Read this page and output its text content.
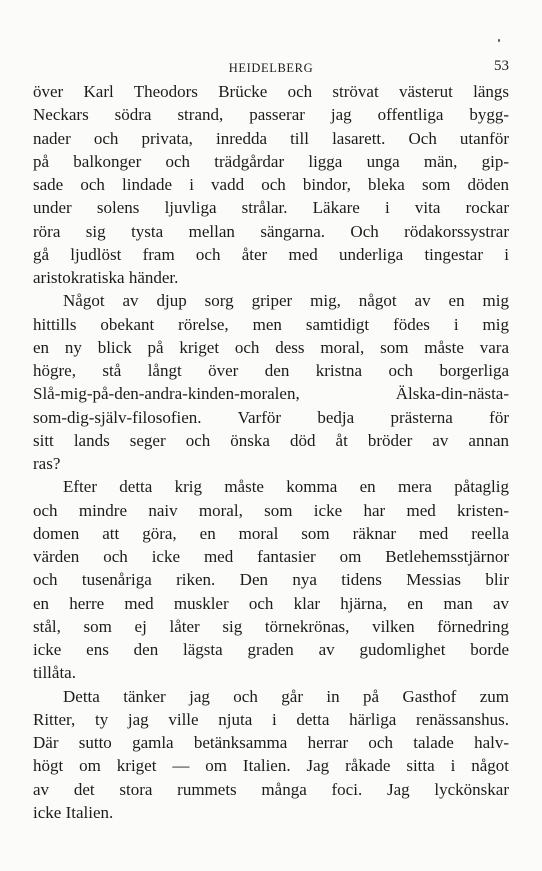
HEIDELBERG	53
över Karl Theodors Brücke och strövat västerut längs
Neckars södra strand, passerar jag offentliga bygg-
nader och privata, inredda till lasarett. Och utanför
på balkonger och trädgårdar ligga unga män, gip-
sade och lindade i vadd och bindor, bleka som döden
under solens ljuvliga strålar. Läkare i vita rockar
röra sig tysta mellan sängarna. Och rödakorssystrar
gå ljudlöst fram och åter med underliga tingestar i
aristokratiska händer.
Något av djup sorg griper mig, något av en mig
hittills obekant rörelse, men samtidigt födes i mig
en ny blick på kriget och dess moral, som måste vara
högre, stå långt över den kristna och borgerliga
Slå-mig-på-den-andra-kinden-moralen, Älska-din-nästa-
som-dig-själv-filosofien. Varför bedja prästerna för
sitt lands seger och önska död åt bröder av annan
ras?
Efter detta krig måste komma en mera påtaglig
och mindre naiv moral, som icke har med kristen-
domen att göra, en moral som räknar med reella
värden och icke med fantasier om Betlehemsstjärnor
och tusenåriga riken. Den nya tidens Messias blir
en herre med muskler och klar hjärna, en man av
stål, som ej låter sig törnekrönas, vilken förnedring
icke ens den lägsta graden av gudomlighet borde
tillåta.
Detta tänker jag och går in på Gasthof zum
Ritter, ty jag ville njuta i detta härliga renässanshus.
Där sutto gamla betänksamma herrar och talade halv-
högt om kriget — om Italien. Jag råkade sitta i något
av det stora rummets många foci. Jag lyckönskar
icke Italien.
